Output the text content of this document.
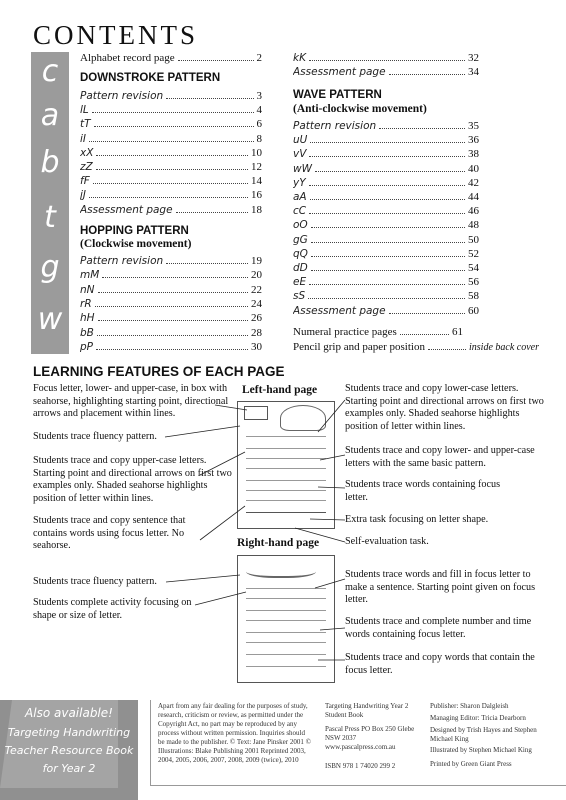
CONTENTS
c
a
b
t
g
w
Alphabet record page	2
DOWNSTROKE PATTERN
Pattern revision	3
lL	4
tT	6
iI	8
xX	10
zZ	12
fF	14
jJ	16
Assessment page	18
HOPPING PATTERN
(Clockwise movement)
Pattern revision	19
mM	20
nN	22
rR	24
hH	26
bB	28
pP	30
kK	32
Assessment page	34
WAVE PATTERN
(Anti-clockwise movement)
Pattern revision	35
uU	36
vV	38
wW	40
yY	42
aA	44
cC	46
oO	48
gG	50
qQ	52
dD	54
eE	56
sS	58
Assessment page	60
Numeral practice pages	61
Pencil grip and paper position	inside back cover
LEARNING FEATURES OF EACH PAGE
Focus letter, lower- and upper-case, in box with seahorse, highlighting starting point, directional arrows and placement within lines.
Students trace fluency pattern.
Students trace and copy upper-case letters. Starting point and directional arrows on first two examples only. Shaded seahorse highlights position of letter within lines.
Students trace and copy sentence that contains words using focus letter. No seahorse.
Students trace fluency pattern.
Students complete activity focusing on shape or size of letter.
Left-hand page
Right-hand page
Students trace and copy lower-case letters. Starting point and directional arrows on first two examples only. Shaded seahorse highlights position of letter within lines.
Students trace and copy lower- and upper-case letters with the same basic pattern.
Students trace words containing focus letter.
Extra task focusing on letter shape.
Self-evaluation task.
Students trace words and fill in focus letter to make a sentence. Starting point given on focus letter.
Students trace and complete number and time words containing focus letter.
Students trace and copy words that contain the focus letter.
Also available!
Targeting Handwriting
Teacher Resource Book
for Year 2
Apart from any fair dealing for the purposes of study, research, criticism or review, as permitted under the Copyright Act, no part may be reproduced by any process without written permission. Inquiries should be made to the publisher. © Text: Jane Pinsker 2001 © Illustrations: Blake Publishing 2001 Reprinted 2003, 2004, 2005, 2006, 2007, 2008, 2009 (twice), 2010
Targeting Handwriting Year 2 Student Book
Pascal Press PO Box 250 Glebe NSW 2037 www.pascalpress.com.au
ISBN 978 1 74020 299 2
Publisher: Sharon Dalgleish
Managing Editor: Tricia Dearborn
Designed by Trish Hayes and Stephen Michael King
Illustrated by Stephen Michael King
Printed by Green Giant Press
